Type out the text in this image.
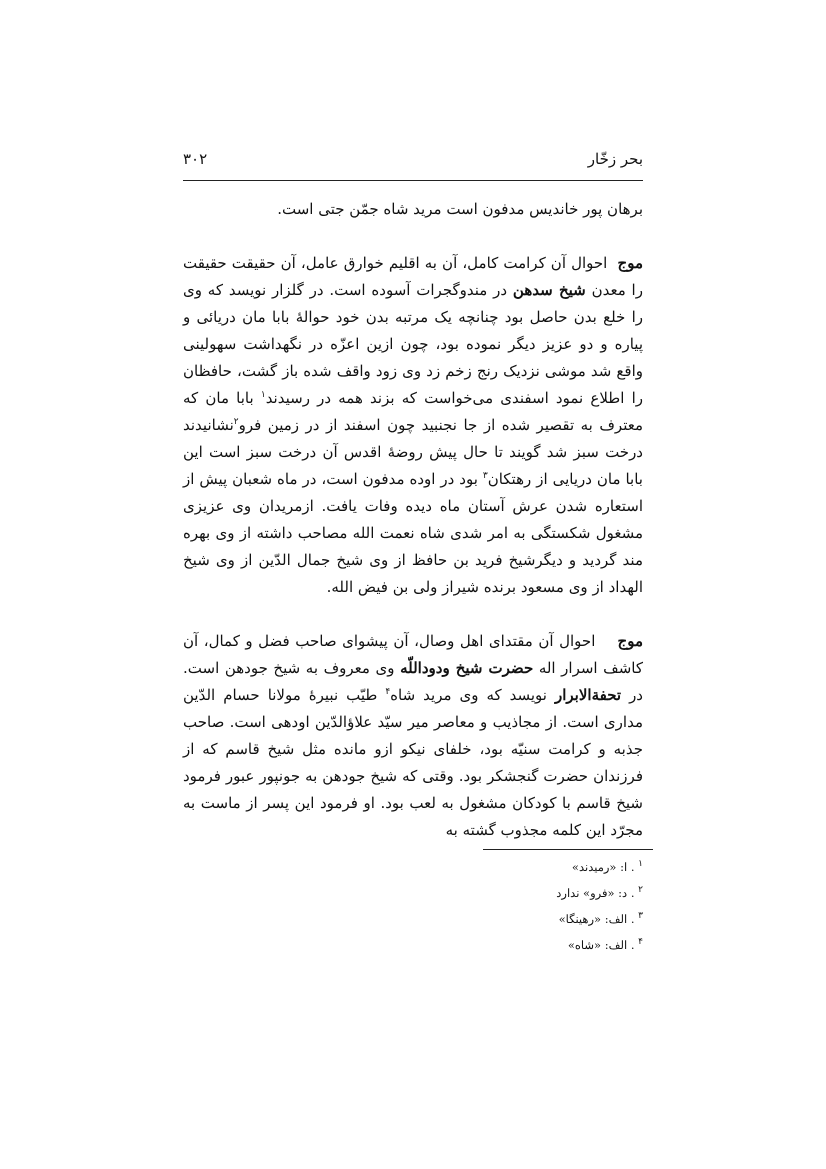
بحر زخّار
۳۰۲

برهان پور خاندیس مدفون است مرید شاه جمّن جتی است.

موج  احوال آن کرامت کامل، آن به اقلیم خوارق عامل، آن حقیقت حقیقت را معدن شیخ سدهن در مندوگجرات آسوده است. در گلزار نویسد که وی را خلع بدن حاصل بود چنانچه یک مرتبه بدن خود حوالهٔ بابا مان دریائی و پیاره و دو عزیز دیگر نموده بود، چون ازین اعزّه در نگهداشت سهولینی واقع شد موشی نزدیک رنج زخم زد وی زود واقف شده باز گشت، حافظان را اطلاع نمود اسفندی می‌خواست که بزند همه در رسیدند$^۱$ بابا مان که معترف به تقصیر شده از جا نجنبید چون اسفند از در زمین فرو$^۲$نشانیدند درخت سبز شد گویند تا حال پیش روضهٔ اقدس آن درخت سبز است این بابا مان دریایی از رهتکان$^۳$ بود در اوده مدفون است، در ماه شعبان پیش از استعاره شدن عرش آستان ماه دیده وفات یافت. ازمریدان وی عزیزی مشغول شکستگی به امر شدی شاه نعمت الله مصاحب داشته از وی بهره مند گردید و دیگرشیخ فرید بن حافظ از وی شیخ جمال الدّین از وی شیخ الهداد از وی مسعود برنده شیراز ولی بن فیض الله.

موج    احوال آن مقتدای اهل وصال، آن پیشوای صاحب فضل و کمال، آن کاشف اسرار اله حضرت شیخ ودوداللّه وی معروف به شیخ جودهن است. در تحفةالابرار نویسد که وی مرید شاه$^۴$ طیّب نبیرهٔ مولانا حسام الدّین مداری است. از مجاذیب و معاصر میر سیّد علاؤالدّین اودهی است. صاحب جذبه و کرامت سنیّه بود، خلفای نیکو ازو مانده مثل شیخ قاسم که از فرزندان حضرت گنجشکر بود. وقتی که شیخ جودهن به جونپور عبور فرمود شیخ قاسم با کودکان مشغول به لعب بود. او فرمود این پسر از ماست به مجرّد این کلمه مجذوب گشته به

$^۱$ . ا: «رمیدند»

$^۲$ . د: «فرو» ندارد

$^۳$ . الف: «رهینگا»

$^۴$ . الف: «شاه»
